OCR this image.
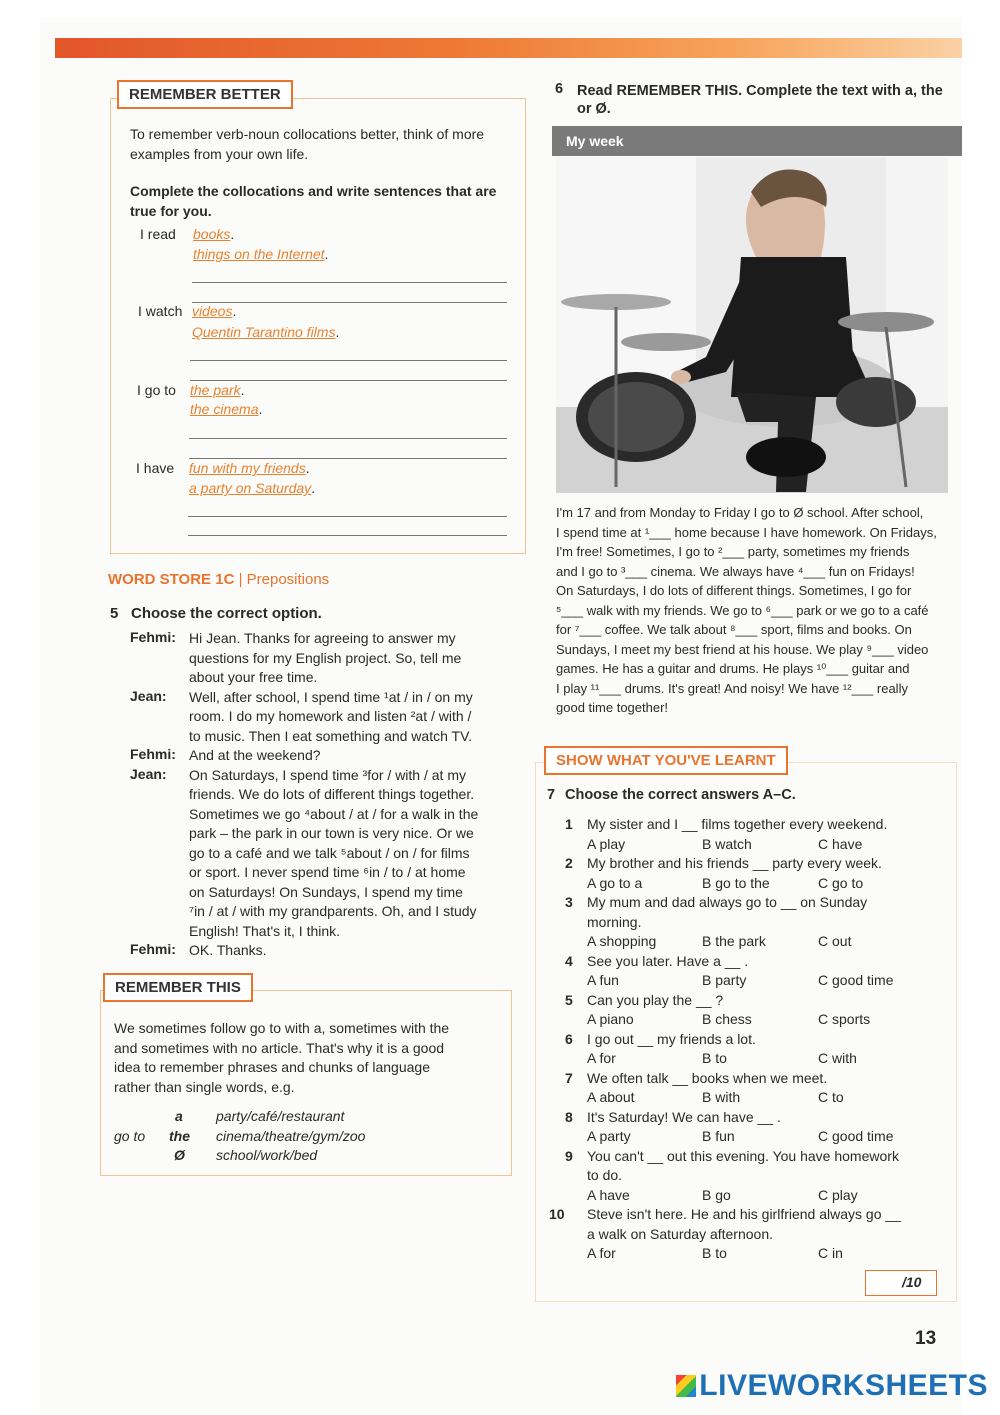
REMEMBER BETTER
To remember verb-noun collocations better, think of more examples from your own life.
Complete the collocations and write sentences that are true for you.
I read books.
things on the Internet.
I watch videos.
Quentin Tarantino films.
I go to the park.
the cinema.
I have fun with my friends.
a party on Saturday.
WORD STORE 1C | Prepositions
5 Choose the correct option.
Fehmi: Hi Jean. Thanks for agreeing to answer my
questions for my English project. So, tell me
about your free time.
Jean: Well, after school, I spend time ¹at / in / on my
room. I do my homework and listen ²at / with /
to music. Then I eat something and watch TV.
Fehmi: And at the weekend?
Jean: On Saturdays, I spend time ³for / with / at my
friends. We do lots of different things together.
Sometimes we go ⁴about / at / for a walk in the
park – the park in our town is very nice. Or we
go to a café and we talk ⁵about / on / for films
or sport. I never spend time ⁶in / to / at home
on Saturdays! On Sundays, I spend my time
⁷in / at / with my grandparents. Oh, and I study
English! That's it, I think.
Fehmi: OK. Thanks.
REMEMBER THIS
We sometimes follow go to with a, sometimes with the
and sometimes with no article. That's why it is a good
idea to remember phrases and chunks of language
rather than single words, e.g.
go to
a party/café/restaurant
the cinema/theatre/gym/zoo
Ø school/work/bed
6 Read REMEMBER THIS. Complete the text with a, the
or Ø.
My week
I'm 17 and from Monday to Friday I go to Ø school. After school,
I spend time at ¹___ home because I have homework. On Fridays,
I'm free! Sometimes, I go to ²___ party, sometimes my friends
and I go to ³___ cinema. We always have ⁴___ fun on Fridays!
On Saturdays, I do lots of different things. Sometimes, I go for
⁵___ walk with my friends. We go to ⁶___ park or we go to a café
for ⁷___ coffee. We talk about ⁸___ sport, films and books. On
Sundays, I meet my best friend at his house. We play ⁹___ video
games. He has a guitar and drums. He plays ¹⁰___ guitar and
I play ¹¹___ drums. It's great! And noisy! We have ¹²___ really
good time together!
SHOW WHAT YOU'VE LEARNT
7 Choose the correct answers A–C.
1 My sister and I __ films together every weekend.
A play	B watch	C have
2 My brother and his friends __ party every week.
A go to a	B go to the	C go to
3 My mum and dad always go to __ on Sunday
morning.
A shopping	B the park	C out
4 See you later. Have a __ .
A fun	B party	C good time
5 Can you play the __ ?
A piano	B chess	C sports
6 I go out __ my friends a lot.
A for	B to	C with
7 We often talk __ books when we meet.
A about	B with	C to
8 It's Saturday! We can have __ .
A party	B fun	C good time
9 You can't __ out this evening. You have homework
to do.
A have	B go	C play
10 Steve isn't here. He and his girlfriend always go __
a walk on Saturday afternoon.
A for	B to	C in
/10
13
LIVEWORKSHEETS
